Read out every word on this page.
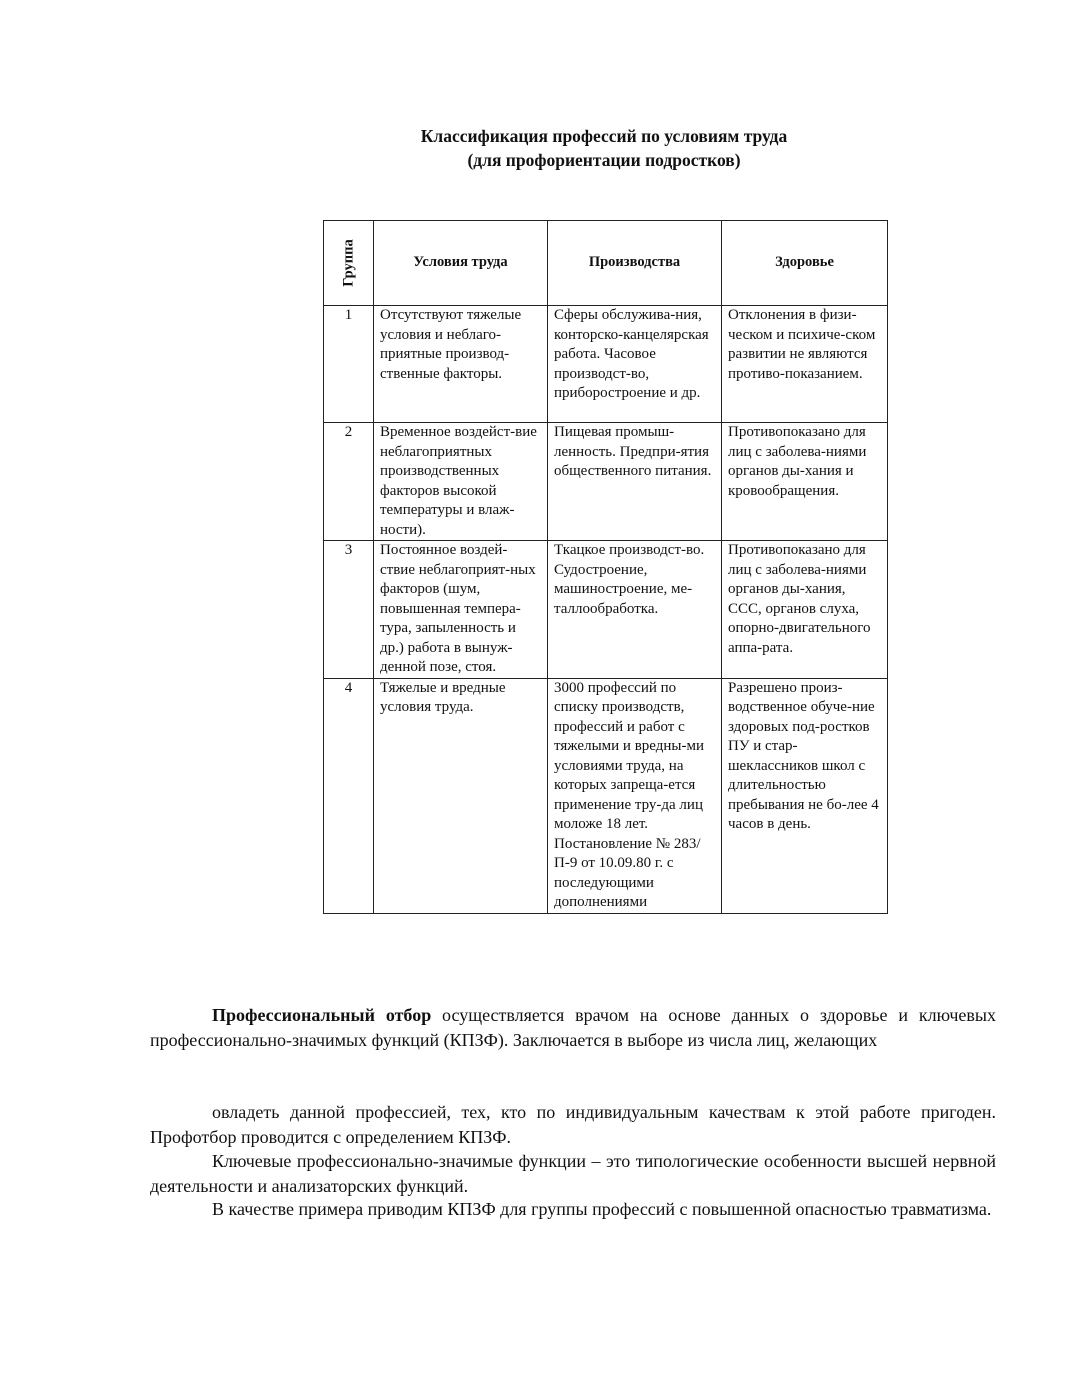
Классификация профессий по условиям труда
(для профориентации подростков)
Группа	Условия труда	Производства	Здоровье
1	Отсутствуют тяжелые условия и неблаго-приятные производ-ственные факторы.	Сферы обслужива-ния, конторско-канцелярская работа. Часовое производст-во, приборостроение и др.	Отклонения в физи-ческом и психиче-ском развитии не являются противо-показанием.
2	Временное воздейст-вие неблагоприятных производственных факторов высокой температуры и влаж-ности).	Пищевая промыш-ленность. Предпри-ятия общественного питания.	Противопоказано для лиц с заболева-ниями органов ды-хания и кровообращения.
3	Постоянное воздей-ствие неблагоприят-ных факторов (шум, повышенная темпера-тура, запыленность и др.) работа в вынуж-денной позе, стоя.	Ткацкое производст-во. Судостроение, машиностроение, ме-таллообработка.	Противопоказано для лиц с заболева-ниями органов ды-хания, ССС, органов слуха, опорно-двигательного аппа-рата.
4	Тяжелые и вредные условия труда.	3000 профессий по списку производств, профессий и работ с тяжелыми и вредны-ми условиями труда, на которых запреща-ется применение тру-да лиц моложе 18 лет. Постановление № 283/П-9 от 10.09.80 г. с последующими дополнениями	Разрешено произ-водственное обуче-ние здоровых под-ростков ПУ и стар-шеклассников школ с длительностью пребывания не бо-лее 4 часов в день.
Профессиональный отбор осуществляется врачом на основе данных о здоровье и ключевых профессионально-значимых функций (КПЗФ). Заключается в выборе из числа лиц, желающих
овладеть данной профессией, тех, кто по индивидуальным качествам к этой работе пригоден. Профотбор проводится с определением КПЗФ.
Ключевые профессионально-значимые функции – это типологические особенности высшей нервной деятельности и анализаторских функций.
В качестве примера приводим КПЗФ для группы профессий с повышенной опасностью травматизма.
